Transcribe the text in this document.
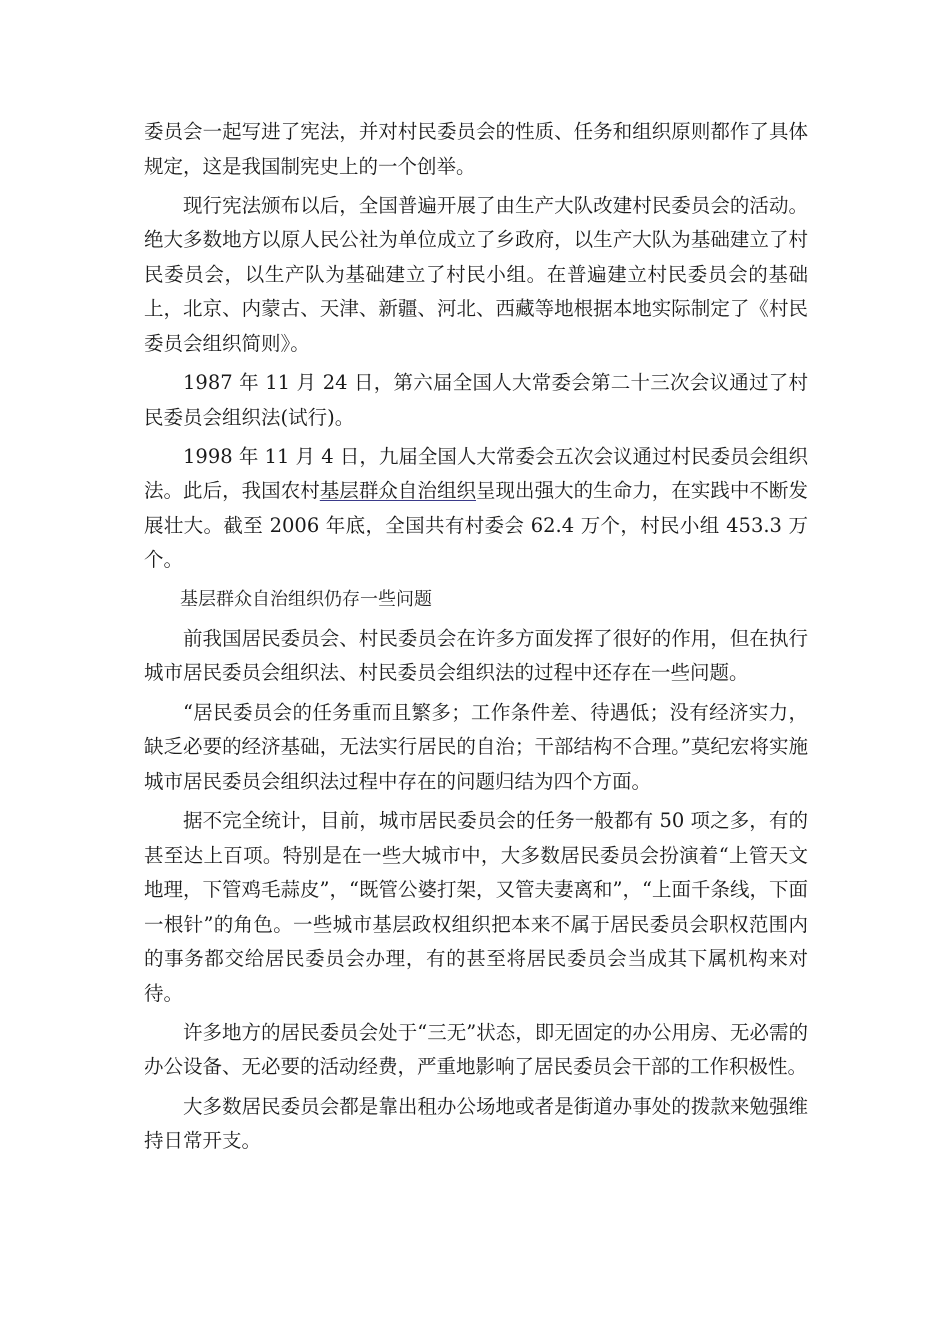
委员会一起写进了宪法，并对村民委员会的性质、任务和组织原则都作了具体规定，这是我国制宪史上的一个创举。

现行宪法颁布以后，全国普遍开展了由生产大队改建村民委员会的活动。绝大多数地方以原人民公社为单位成立了乡政府，以生产大队为基础建立了村民委员会，以生产队为基础建立了村民小组。在普遍建立村民委员会的基础上，北京、内蒙古、天津、新疆、河北、西藏等地根据本地实际制定了《村民委员会组织简则》。

1987 年 11 月 24 日，第六届全国人大常委会第二十三次会议通过了村民委员会组织法(试行)。

1998 年 11 月 4 日，九届全国人大常委会五次会议通过村民委员会组织法。此后，我国农村基层群众自治组织呈现出强大的生命力，在实践中不断发展壮大。截至 2006 年底，全国共有村委会 62.4 万个，村民小组 453.3 万个。

基层群众自治组织仍存一些问题

前我国居民委员会、村民委员会在许多方面发挥了很好的作用，但在执行城市居民委员会组织法、村民委员会组织法的过程中还存在一些问题。

“居民委员会的任务重而且繁多；工作条件差、待遇低；没有经济实力，缺乏必要的经济基础，无法实行居民的自治；干部结构不合理。”莫纪宏将实施城市居民委员会组织法过程中存在的问题归结为四个方面。

据不完全统计，目前，城市居民委员会的任务一般都有 50 项之多，有的甚至达上百项。特别是在一些大城市中，大多数居民委员会扮演着“上管天文地理，下管鸡毛蒜皮”，“既管公婆打架，又管夫妻离和”，“上面千条线，下面一根针”的角色。一些城市基层政权组织把本来不属于居民委员会职权范围内的事务都交给居民委员会办理，有的甚至将居民委员会当成其下属机构来对待。

许多地方的居民委员会处于“三无”状态，即无固定的办公用房、无必需的办公设备、无必要的活动经费，严重地影响了居民委员会干部的工作积极性。

大多数居民委员会都是靠出租办公场地或者是街道办事处的拨款来勉强维持日常开支。
